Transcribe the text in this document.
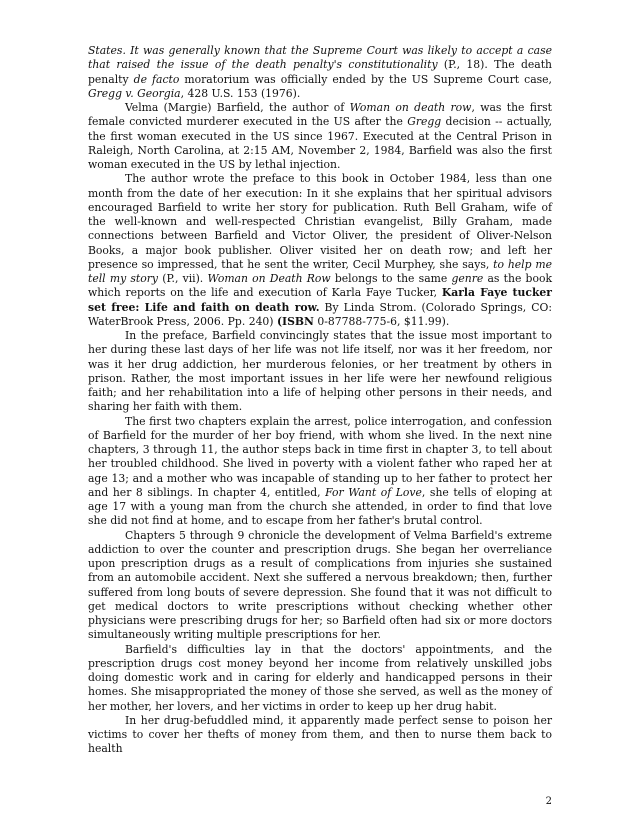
States. It was generally known that the Supreme Court was likely to accept a case that raised the issue of the death penalty's constitutionality (P., 18). The death penalty de facto moratorium was officially ended by the US Supreme Court case, Gregg v. Georgia, 428 U.S. 153 (1976).

Velma (Margie) Barfield, the author of Woman on death row, was the first female convicted murderer executed in the US after the Gregg decision -- actually, the first woman executed in the US since 1967. Executed at the Central Prison in Raleigh, North Carolina, at 2:15 AM, November 2, 1984, Barfield was also the first woman executed in the US by lethal injection.

The author wrote the preface to this book in October 1984, less than one month from the date of her execution: In it she explains that her spiritual advisors encouraged Barfield to write her story for publication. Ruth Bell Graham, wife of the well-known and well-respected Christian evangelist, Billy Graham, made connections between Barfield and Victor Oliver, the president of Oliver-Nelson Books, a major book publisher. Oliver visited her on death row; and left her presence so impressed, that he sent the writer, Cecil Murphey, she says, to help me tell my story (P., vii). Woman on Death Row belongs to the same genre as the book which reports on the life and execution of Karla Faye Tucker, Karla Faye tucker set free: Life and faith on death row. By Linda Strom. (Colorado Springs, CO: WaterBrook Press, 2006. Pp. 240) (ISBN 0-87788-775-6, $11.99).

In the preface, Barfield convincingly states that the issue most important to her during these last days of her life was not life itself, nor was it her freedom, nor was it her drug addiction, her murderous felonies, or her treatment by others in prison. Rather, the most important issues in her life were her newfound religious faith; and her rehabilitation into a life of helping other persons in their needs, and sharing her faith with them.

The first two chapters explain the arrest, police interrogation, and confession of Barfield for the murder of her boy friend, with whom she lived. In the next nine chapters, 3 through 11, the author steps back in time first in chapter 3, to tell about her troubled childhood. She lived in poverty with a violent father who raped her at age 13; and a mother who was incapable of standing up to her father to protect her and her 8 siblings. In chapter 4, entitled, For Want of Love, she tells of eloping at age 17 with a young man from the church she attended, in order to find that love she did not find at home, and to escape from her father's brutal control.

Chapters 5 through 9 chronicle the development of Velma Barfield's extreme addiction to over the counter and prescription drugs. She began her overreliance upon prescription drugs as a result of complications from injuries she sustained from an automobile accident. Next she suffered a nervous breakdown; then, further suffered from long bouts of severe depression. She found that it was not difficult to get medical doctors to write prescriptions without checking whether other physicians were prescribing drugs for her; so Barfield often had six or more doctors simultaneously writing multiple prescriptions for her.

Barfield's difficulties lay in that the doctors' appointments, and the prescription drugs cost money beyond her income from relatively unskilled jobs doing domestic work and in caring for elderly and handicapped persons in their homes. She misappropriated the money of those she served, as well as the money of her mother, her lovers, and her victims in order to keep up her drug habit.

In her drug-befuddled mind, it apparently made perfect sense to poison her victims to cover her thefts of money from them, and then to nurse them back to health

2
